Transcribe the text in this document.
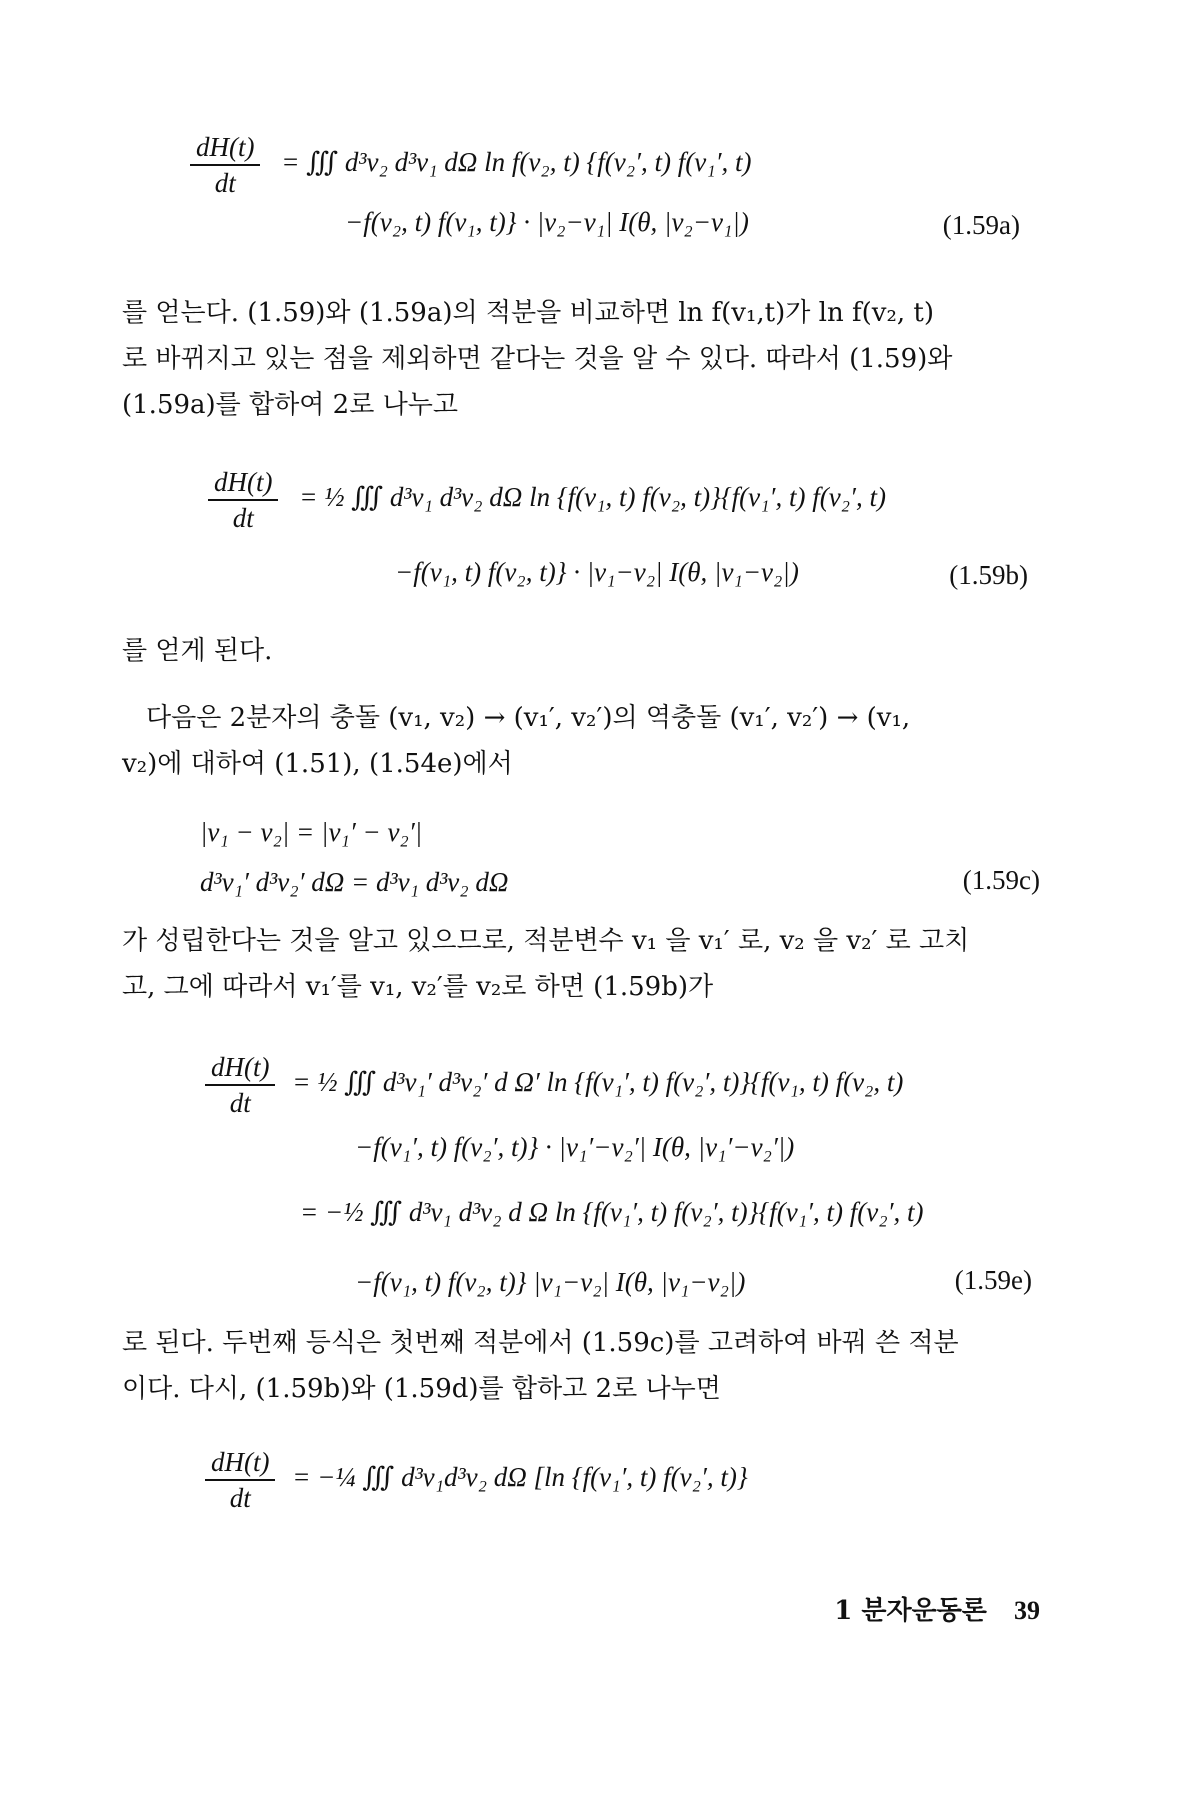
$\frac{dH(t)}{dt}$ = ∭ d³v₂ d³v₁ dΩ ln f(v₂, t) {f(v₂′, t) f(v₁′, t)
−f(v₂, t) f(v₁, t)} · |v₂−v₁| I(θ, |v₂−v₁|)	(1.59a)

를 얻는다. (1.59)와 (1.59a)의 적분을 비교하면 ln f(v₁,t)가 ln f(v₂, t)

로 바뀌지고 있는 점을 제외하면 같다는 것을 알 수 있다. 따라서 (1.59)와

(1.59a)를 합하여 2로 나누고

$\frac{dH(t)}{dt}$ = ½ ∭ d³v₁ d³v₂ dΩ ln {f(v₁, t) f(v₂, t)}{f(v₁′, t) f(v₂′, t)
−f(v₁, t) f(v₂, t)} · |v₁−v₂| I(θ, |v₁−v₂|)	(1.59b)

를 얻게 된다.

다음은 2분자의 충돌 (v₁, v₂) → (v₁′, v₂′)의 역충돌 (v₁′, v₂′) → (v₁,

v₂)에 대하여 (1.51), (1.54e)에서

|v₁ − v₂| = |v₁′ − v₂′|
d³v₁′ d³v₂′ dΩ = d³v₁ d³v₂ dΩ	(1.59c)

가 성립한다는 것을 알고 있으므로, 적분변수 v₁ 을 v₁′ 로, v₂ 을 v₂′ 로 고치

고, 그에 따라서 v₁′를 v₁, v₂′를 v₂로 하면 (1.59b)가

$\frac{dH(t)}{dt}$ = ½ ∭ d³v₁′ d³v₂′ d Ω′ ln {f(v₁′, t) f(v₂′, t)}{f(v₁, t) f(v₂, t)
−f(v₁′, t) f(v₂′, t)} · |v₁′−v₂′| I(θ, |v₁′−v₂′|)
= −½ ∭ d³v₁ d³v₂ d Ω ln {f(v₁′, t) f(v₂′, t)}{f(v₁′, t) f(v₂′, t)
−f(v₁, t) f(v₂, t)} |v₁−v₂| I(θ, |v₁−v₂|)	(1.59e)

로 된다. 두번째 등식은 첫번째 적분에서 (1.59c)를 고려하여 바꿔 쓴 적분

이다. 다시, (1.59b)와 (1.59d)를 합하고 2로 나누면

$\frac{dH(t)}{dt}$ = −¼ ∭ d³v₁d³v₂ dΩ [ln {f(v₁′, t) f(v₂′, t)}
1 분자운동론 39
